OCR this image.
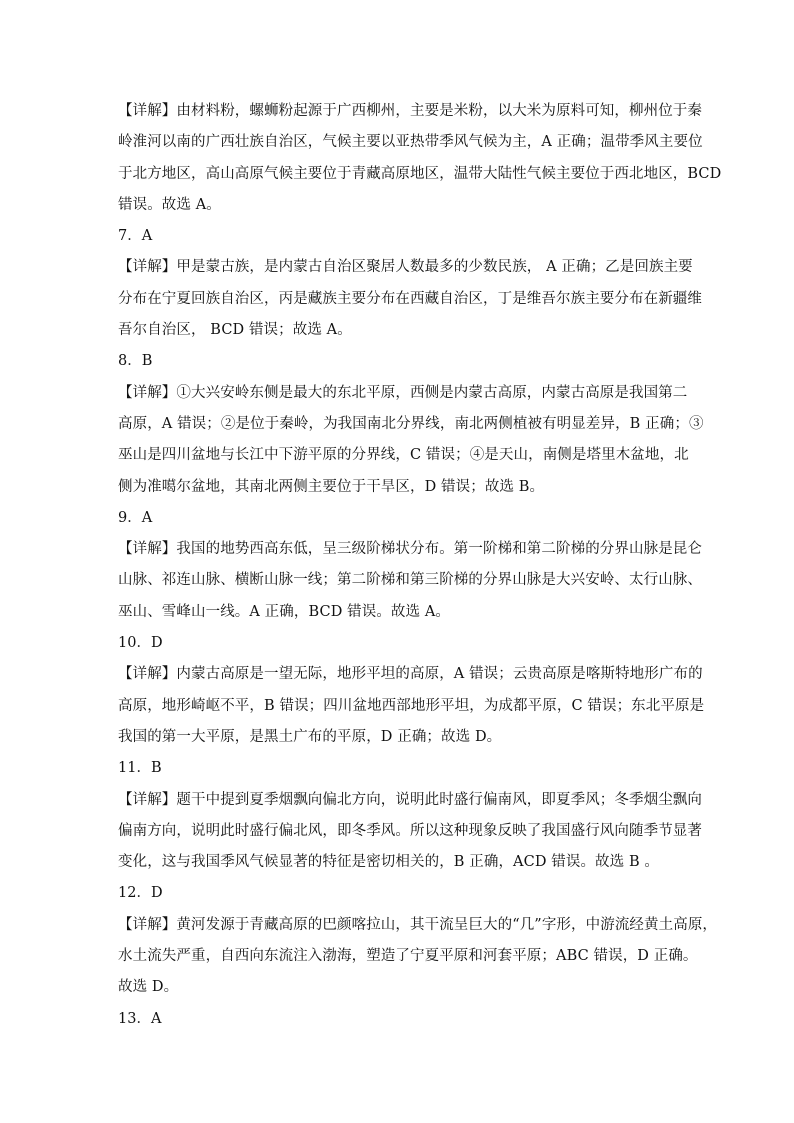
【详解】由材料粉，螺蛳粉起源于广西柳州，主要是米粉，以大米为原料可知，柳州位于秦
岭淮河以南的广西壮族自治区，气候主要以亚热带季风气候为主，A 正确；温带季风主要位
于北方地区，高山高原气候主要位于青藏高原地区，温带大陆性气候主要位于西北地区，BCD
错误。故选 A。
7．A
【详解】甲是蒙古族，是内蒙古自治区聚居人数最多的少数民族， A 正确；乙是回族主要
分布在宁夏回族自治区，丙是藏族主要分布在西藏自治区，丁是维吾尔族主要分布在新疆维
吾尔自治区， BCD 错误；故选 A。
8．B
【详解】①大兴安岭东侧是最大的东北平原，西侧是内蒙古高原，内蒙古高原是我国第二
高原，A 错误；②是位于秦岭，为我国南北分界线，南北两侧植被有明显差异，B 正确；③
巫山是四川盆地与长江中下游平原的分界线，C 错误；④是天山，南侧是塔里木盆地，北
侧为准噶尔盆地，其南北两侧主要位于干旱区，D 错误；故选 B。
9．A
【详解】我国的地势西高东低，呈三级阶梯状分布。第一阶梯和第二阶梯的分界山脉是昆仑
山脉、祁连山脉、横断山脉一线；第二阶梯和第三阶梯的分界山脉是大兴安岭、太行山脉、
巫山、雪峰山一线。A 正确，BCD 错误。故选 A。
10．D
【详解】内蒙古高原是一望无际，地形平坦的高原，A 错误；云贵高原是喀斯特地形广布的
高原，地形崎岖不平，B 错误；四川盆地西部地形平坦，为成都平原，C 错误；东北平原是
我国的第一大平原，是黑土广布的平原，D 正确；故选 D。
11．B
【详解】题干中提到夏季烟飘向偏北方向，说明此时盛行偏南风，即夏季风；冬季烟尘飘向
偏南方向，说明此时盛行偏北风，即冬季风。所以这种现象反映了我国盛行风向随季节显著
变化，这与我国季风气候显著的特征是密切相关的，B 正确，ACD 错误。故选 B 。
12．D
【详解】黄河发源于青藏高原的巴颜喀拉山，其干流呈巨大的“几”字形，中游流经黄土高原，
水土流失严重，自西向东流注入渤海，塑造了宁夏平原和河套平原；ABC 错误，D 正确。
故选 D。
13．A
